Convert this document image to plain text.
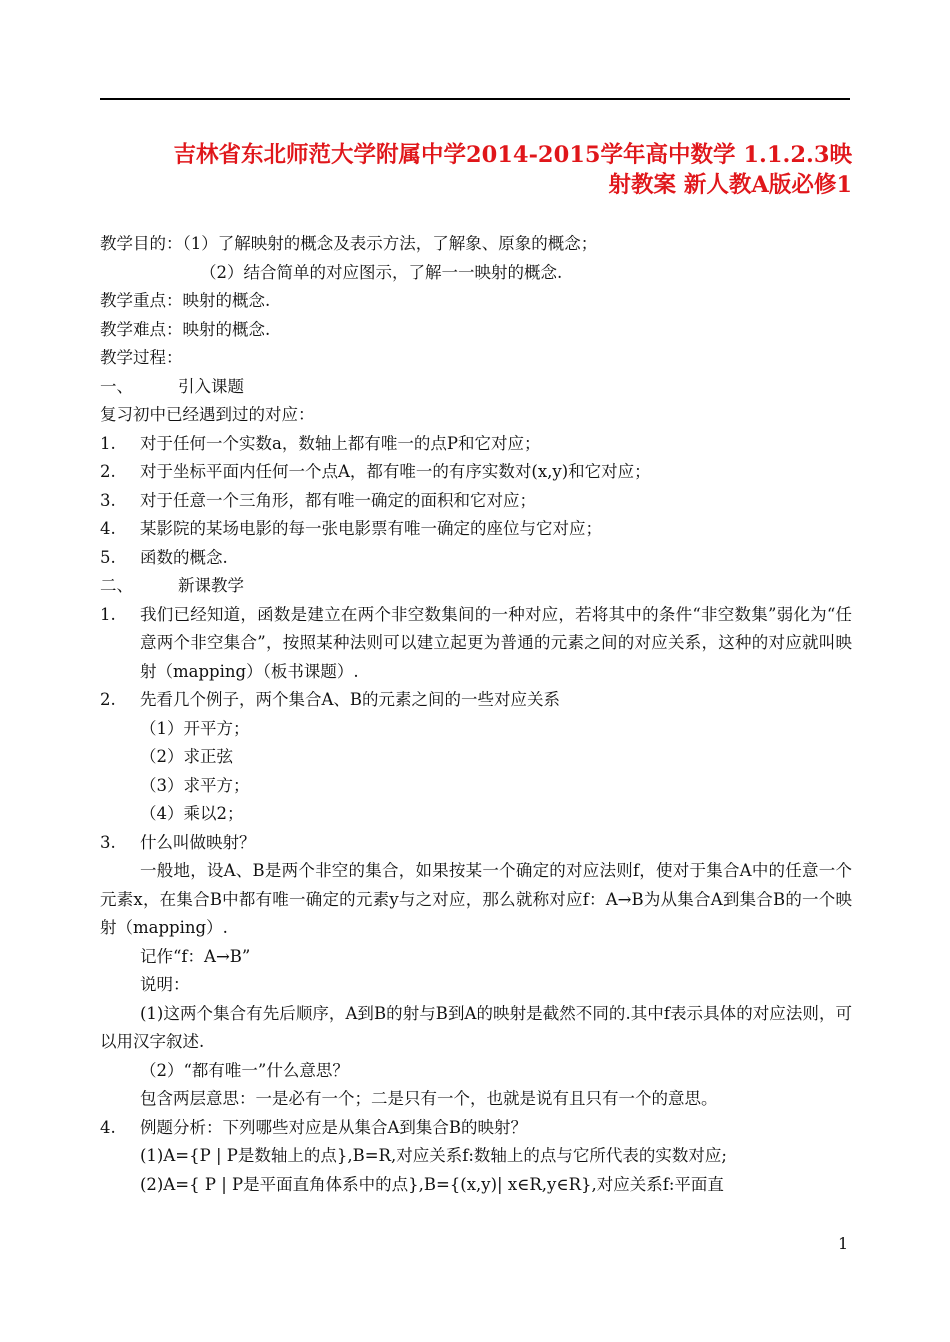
吉林省东北师范大学附属中学2014-2015学年高中数学 1.1.2.3映
射教案 新人教A版必修1
教学目的：（1）了解映射的概念及表示方法，了解象、原象的概念；
（2）结合简单的对应图示，了解一一映射的概念.
教学重点：映射的概念.
教学难点：映射的概念.
教学过程：
一、	引入课题
复习初中已经遇到过的对应：
1. 对于任何一个实数a，数轴上都有唯一的点P和它对应；
2. 对于坐标平面内任何一个点A，都有唯一的有序实数对(x,y)和它对应；
3. 对于任意一个三角形，都有唯一确定的面积和它对应；
4. 某影院的某场电影的每一张电影票有唯一确定的座位与它对应；
5. 函数的概念.
二、	新课教学
1.	我们已经知道，函数是建立在两个非空数集间的一种对应，若将其中的条件“非空数集”弱化为“任意两个非空集合”，按照某种法则可以建立起更为普通的元素之间的对应关系，这种的对应就叫映射（mapping）（板书课题）.
2. 先看几个例子，两个集合A、B的元素之间的一些对应关系
（1）开平方；
（2）求正弦
（3）求平方；
（4）乘以2；
3. 什么叫做映射？
一般地，设A、B是两个非空的集合，如果按某一个确定的对应法则f，使对于集合A中的任意一个元素x，在集合B中都有唯一确定的元素y与之对应，那么就称对应f：A→B为从集合A到集合B的一个映射（mapping）.
记作“f：A→B”
说明：
(1)这两个集合有先后顺序，A到B的射与B到A的映射是截然不同的.其中f表示具体的对应法则，可以用汉字叙述.
（2）“都有唯一”什么意思？
包含两层意思：一是必有一个；二是只有一个，也就是说有且只有一个的意思。
4. 例题分析：下列哪些对应是从集合A到集合B的映射？
(1)A={P | P是数轴上的点},B=R,对应关系f:数轴上的点与它所代表的实数对应;
(2)A={ P | P是平面直角体系中的点},B={(x,y)| x∈R,y∈R},对应关系f:平面直
1
